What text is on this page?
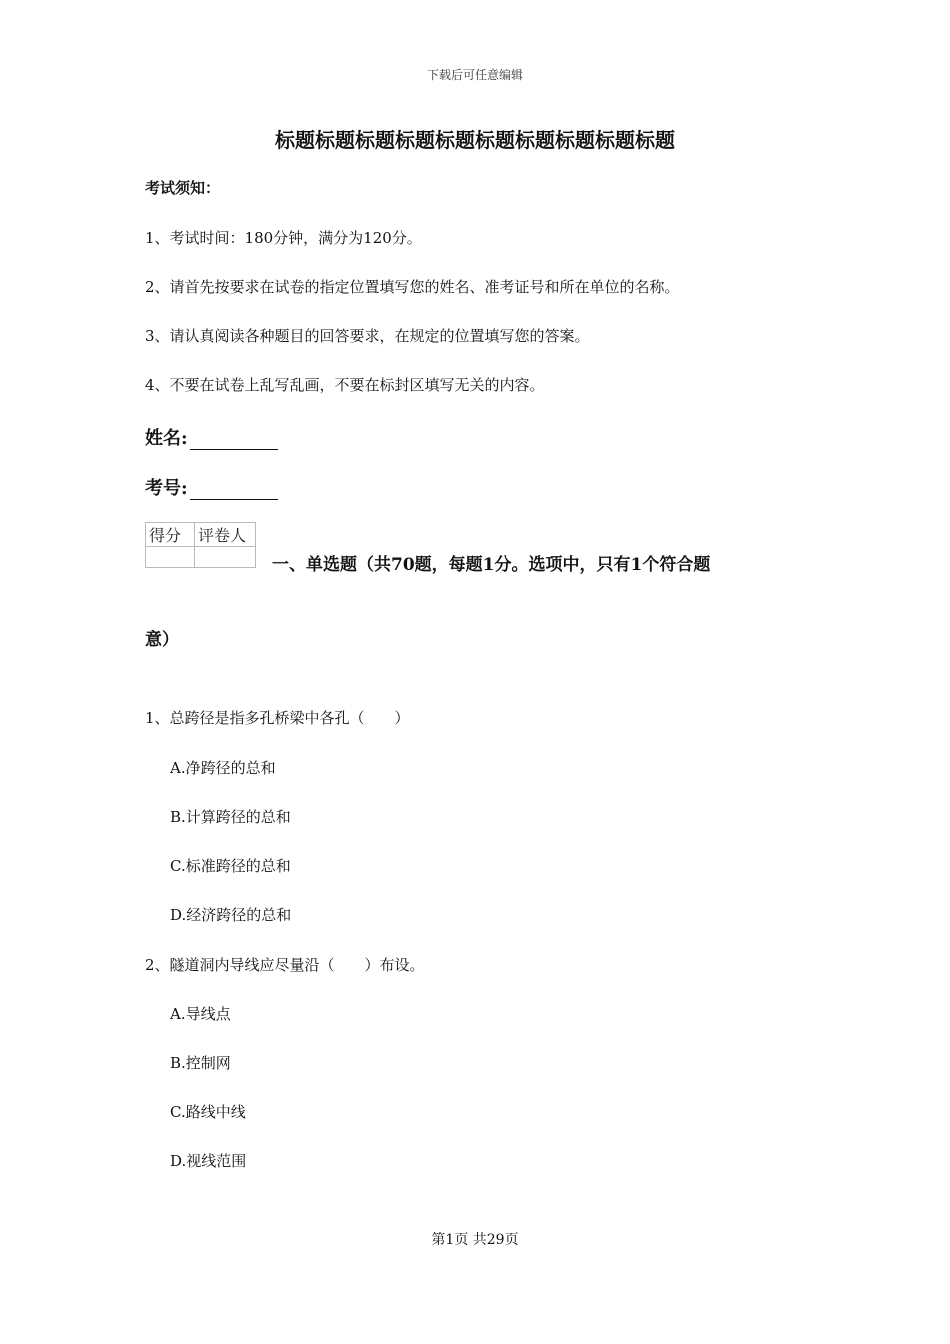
下载后可任意编辑
标题标题标题标题标题标题标题标题标题标题
考试须知：
1、考试时间：180分钟，满分为120分。
2、请首先按要求在试卷的指定位置填写您的姓名、准考证号和所在单位的名称。
3、请认真阅读各种题目的回答要求，在规定的位置填写您的答案。
4、不要在试卷上乱写乱画，不要在标封区填写无关的内容。
姓名:
考号:
得分	评卷人

一、单选题（共70题，每题1分。选项中，只有1个符合题
意）
1、总跨径是指多孔桥梁中各孔（　　）
A.净跨径的总和
B.计算跨径的总和
C.标准跨径的总和
D.经济跨径的总和
2、隧道洞内导线应尽量沿（　　）布设。
A.导线点
B.控制网
C.路线中线
D.视线范围
第1页 共29页
